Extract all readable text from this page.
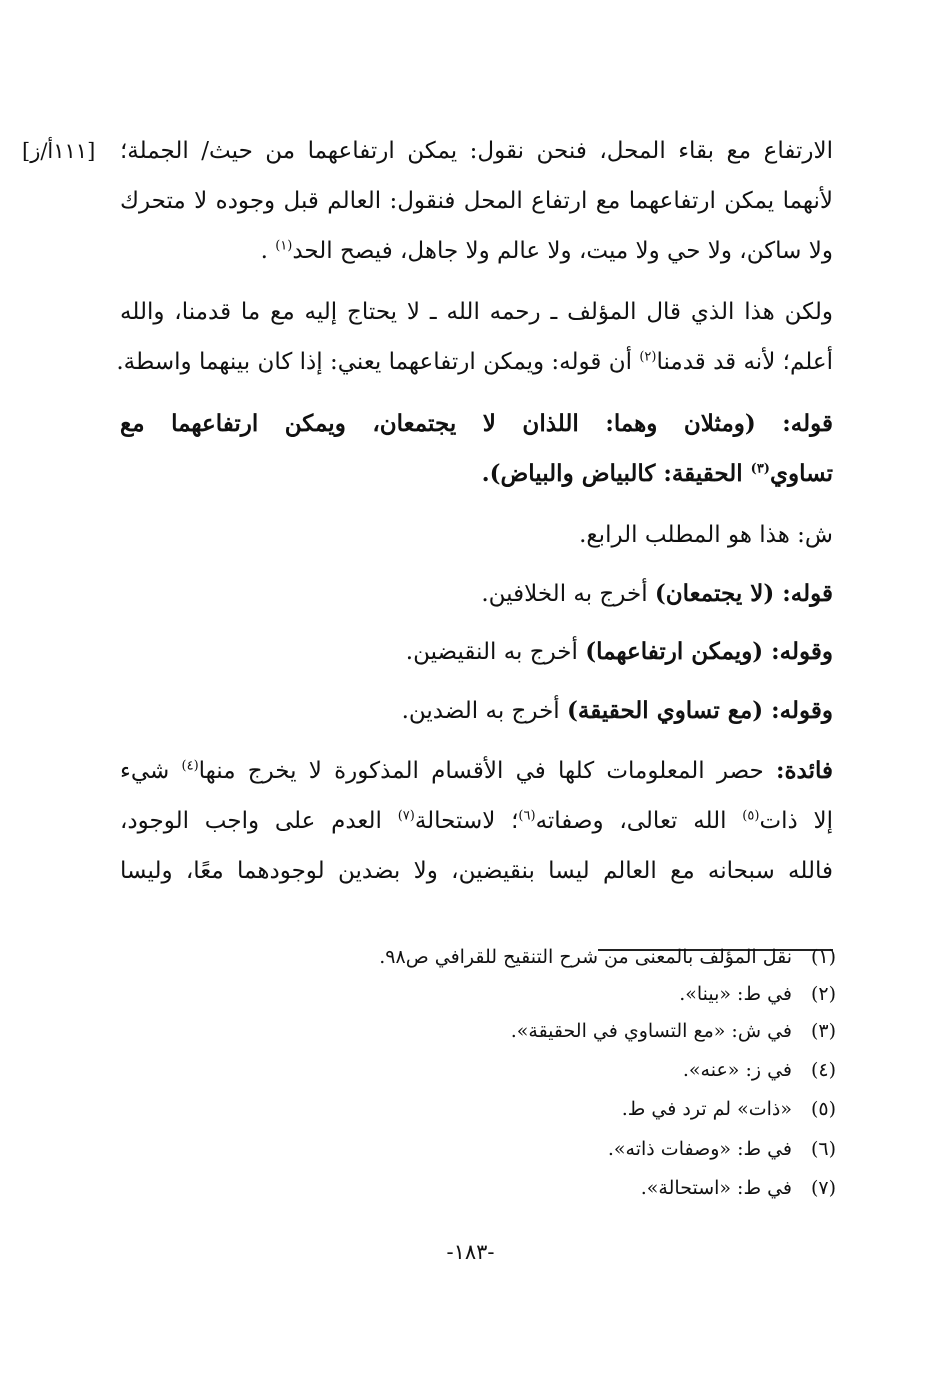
[١١١أ/ز] الارتفاع مع بقاء المحل، فنحن نقول: يمكن ارتفاعهما من حيث/ الجملة؛
لأنهما يمكن ارتفاعهما مع ارتفاع المحل فنقول: العالم قبل وجوده لا متحرك
ولا ساكن، ولا حي ولا ميت، ولا عالم ولا جاهل، فيصح الحد$^{(١)}$ .
ولكن هذا الذي قال المؤلف ـ رحمه الله ـ لا يحتاج إليه مع ما قدمنا، والله
أعلم؛ لأنه قد قدمنا$^{(٢)}$ أن قوله: ويمكن ارتفاعهما يعني: إذا كان بينهما واسطة.
قوله: (ومثلان وهما: اللذان لا يجتمعان، ويمكن ارتفاعهما مع
تساوي$^{(٣)}$ الحقيقة: كالبياض والبياض).
ش: هذا هو المطلب الرابع.
قوله: (لا يجتمعان) أخرج به الخلافين.
وقوله: (ويمكن ارتفاعهما) أخرج به النقيضين.
وقوله: (مع تساوي الحقيقة) أخرج به الضدين.
فائدة: حصر المعلومات كلها في الأقسام المذكورة لا يخرج منها$^{(٤)}$ شيء
إلا ذات$^{(٥)}$ الله تعالى، وصفاته$^{(٦)}$؛ لاستحالة$^{(٧)}$ العدم على واجب الوجود،
فالله سبحانه مع العالم ليسا بنقيضين، ولا بضدين لوجودهما معًا، وليسا
(١)نقل المؤلف بالمعنى من شرح التنقيح للقرافي ص٩٨.
(٢)في ط: «بينا».
(٣)في ش: «مع التساوي في الحقيقة».
(٤)في ز: «عنه».
(٥)«ذات» لم ترد في ط.
(٦)في ط: «وصفات ذاته».
(٧)في ط: «استحالة».
-١٨٣-
